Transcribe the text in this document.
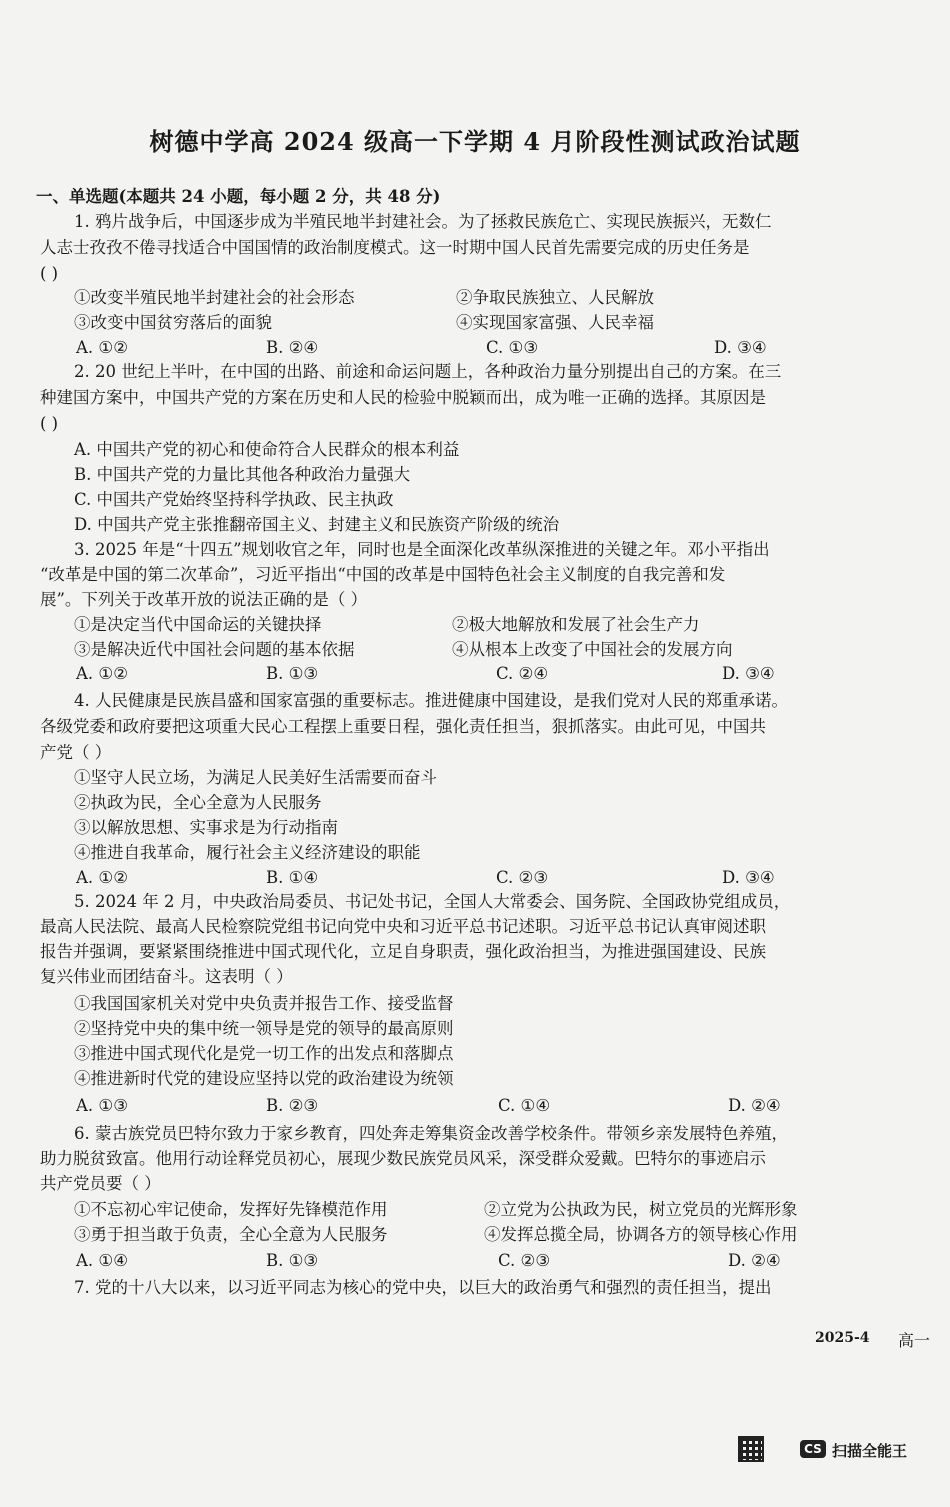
树德中学高 2024 级高一下学期 4 月阶段性测试政治试题
一、单选题(本题共 24 小题，每小题 2 分，共 48 分)
1. 鸦片战争后，中国逐步成为半殖民地半封建社会。为了拯救民族危亡、实现民族振兴，无数仁
人志士孜孜不倦寻找适合中国国情的政治制度模式。这一时期中国人民首先需要完成的历史任务是
( )
2. 20 世纪上半叶，在中国的出路、前途和命运问题上，各种政治力量分别提出自己的方案。在三
种建国方案中，中国共产党的方案在历史和人民的检验中脱颖而出，成为唯一正确的选择。其原因是
( )
A. 中国共产党的初心和使命符合人民群众的根本利益
B. 中国共产党的力量比其他各种政治力量强大
C. 中国共产党始终坚持科学执政、民主执政
D. 中国共产党主张推翻帝国主义、封建主义和民族资产阶级的统治
3. 2025 年是“十四五”规划收官之年，同时也是全面深化改革纵深推进的关键之年。邓小平指出
“改革是中国的第二次革命”，习近平指出“中国的改革是中国特色社会主义制度的自我完善和发
展”。下列关于改革开放的说法正确的是（ ）
4. 人民健康是民族昌盛和国家富强的重要标志。推进健康中国建设，是我们党对人民的郑重承诺。
各级党委和政府要把这项重大民心工程摆上重要日程，强化责任担当，狠抓落实。由此可见，中国共
产党（ ）
①坚守人民立场，为满足人民美好生活需要而奋斗
②执政为民，全心全意为人民服务
③以解放思想、实事求是为行动指南
④推进自我革命，履行社会主义经济建设的职能
5. 2024 年 2 月，中央政治局委员、书记处书记，全国人大常委会、国务院、全国政协党组成员，
最高人民法院、最高人民检察院党组书记向党中央和习近平总书记述职。习近平总书记认真审阅述职
报告并强调，要紧紧围绕推进中国式现代化，立足自身职责，强化政治担当，为推进强国建设、民族
复兴伟业而团结奋斗。这表明（ ）
①我国国家机关对党中央负责并报告工作、接受监督
②坚持党中央的集中统一领导是党的领导的最高原则
③推进中国式现代化是党一切工作的出发点和落脚点
④推进新时代党的建设应坚持以党的政治建设为统领
6. 蒙古族党员巴特尔致力于家乡教育，四处奔走筹集资金改善学校条件。带领乡亲发展特色养殖，
助力脱贫致富。他用行动诠释党员初心，展现少数民族党员风采，深受群众爱戴。巴特尔的事迹启示
共产党员要（ ）
7. 党的十八大以来，以习近平同志为核心的党中央，以巨大的政治勇气和强烈的责任担当，提出
①改变半殖民地半封建社会的社会形态	②争取民族独立、人民解放
③改变中国贫穷落后的面貌	④实现国家富强、人民幸福
A. ①②	B. ②④	C. ①③	D. ③④
①是决定当代中国命运的关键抉择	②极大地解放和发展了社会生产力
③是解决近代中国社会问题的基本依据	④从根本上改变了中国社会的发展方向
A. ①②	B. ①③	C. ②④	D. ③④
A. ①②	B. ①④	C. ②③	D. ③④
A. ①③	B. ②③	C. ①④	D. ②④
①不忘初心牢记使命，发挥好先锋模范作用	②立党为公执政为民，树立党员的光辉形象
③勇于担当敢于负责，全心全意为人民服务	④发挥总揽全局，协调各方的领导核心作用
A. ①④	B. ①③	C. ②③	D. ②④
2025-4 高一
CS 扫描全能王
